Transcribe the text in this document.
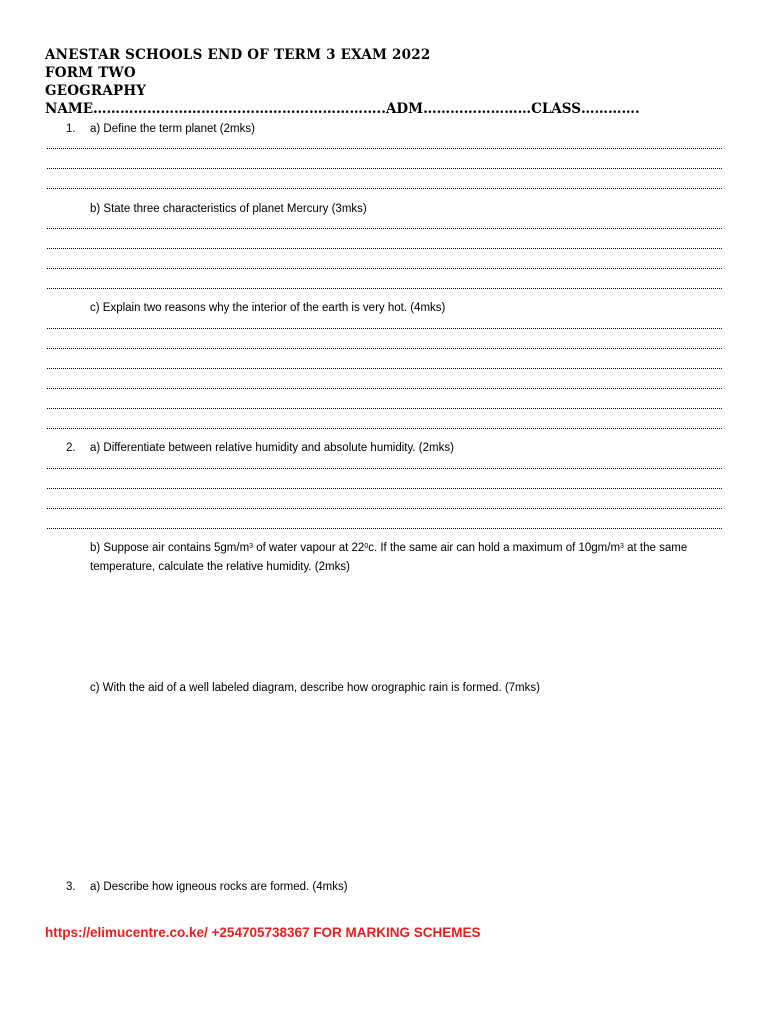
ANESTAR SCHOOLS END OF TERM 3 EXAM 2022
FORM TWO
GEOGRAPHY
NAME………………………………………………………..ADM……………………CLASS………….
1. a) Define the term planet (2mks)
b) State three characteristics of planet Mercury (3mks)
c) Explain two reasons why the interior of the earth is very hot. (4mks)
2. a) Differentiate between relative humidity and absolute humidity. (2mks)
b) Suppose air contains $5gm/m^3$ of water vapour at $22^0c$. If the same air can hold a maximum of $10gm/m^3$ at the same temperature, calculate the relative humidity. (2mks)
c) With the aid of a well labeled diagram, describe how orographic rain is formed. (7mks)
3. a) Describe how igneous rocks are formed. (4mks)
https://elimucentre.co.ke/ +254705738367 FOR MARKING SCHEMES
